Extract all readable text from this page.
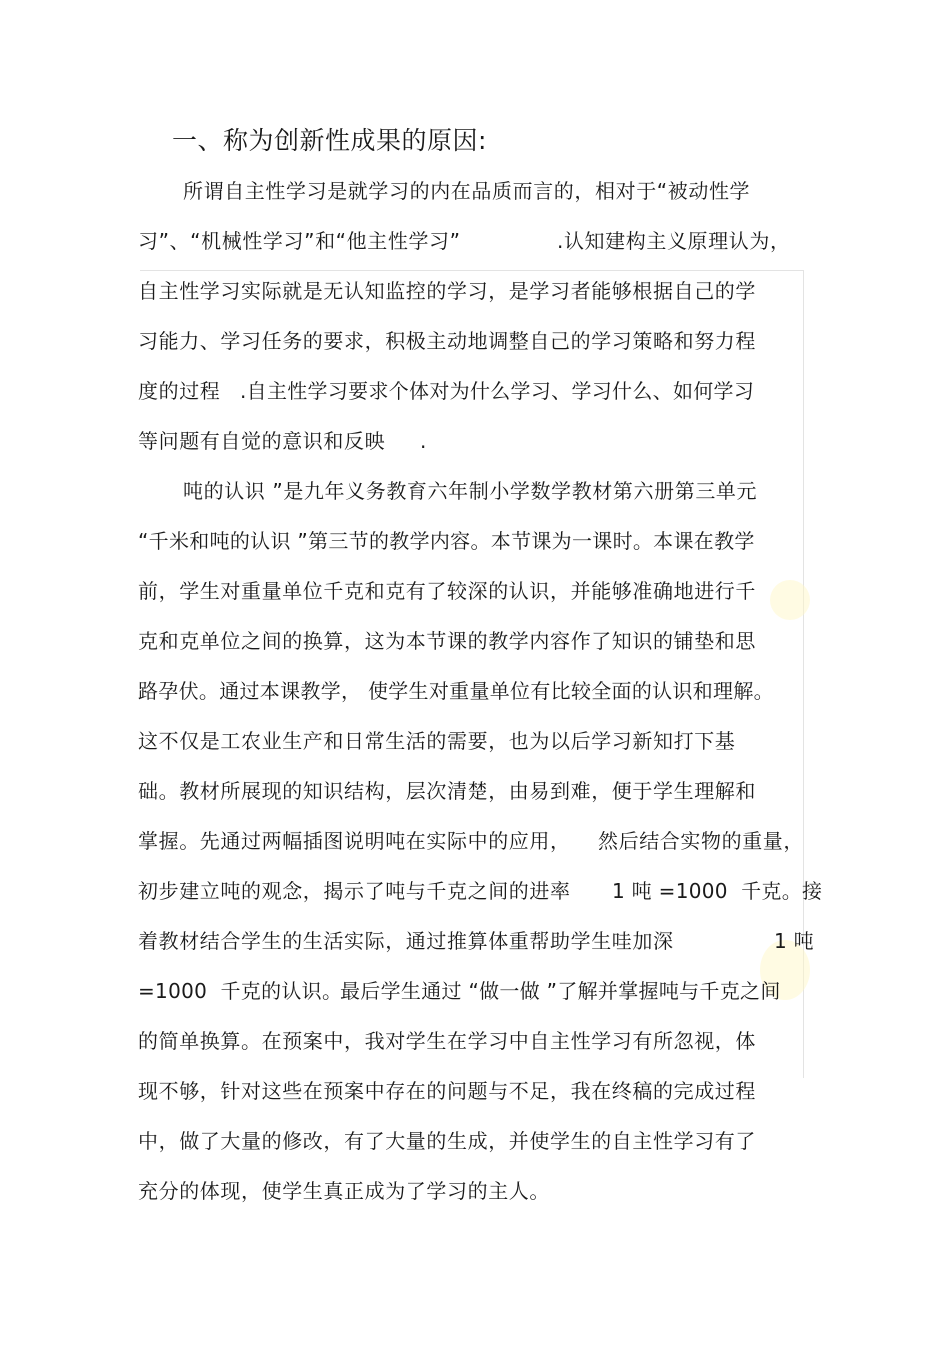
一、称为创新性成果的原因:
所谓自主性学习是就学习的内在品质而言的，相对于“被动性学
习”、“机械性学习”和“他主性学习”	.认知建构主义原理认为，
自主性学习实际就是无认知监控的学习，是学习者能够根据自己的学
习能力、学习任务的要求，积极主动地调整自己的学习策略和努力程
度的过程 .自主性学习要求个体对为什么学习、学习什么、如何学习
等问题有自觉的意识和反映 .
吨的认识 ”是九年义务教育六年制小学数学教材第六册第三单元
“千米和吨的认识 ”第三节的教学内容。本节课为一课时。本课在教学
前，学生对重量单位千克和克有了较深的认识，并能够准确地进行千
克和克单位之间的换算，这为本节课的教学内容作了知识的铺垫和思
路孕伏。通过本课教学， 使学生对重量单位有比较全面的认识和理解。
这不仅是工农业生产和日常生活的需要，也为以后学习新知打下基
础。教材所展现的知识结构，层次清楚，由易到难，便于学生理解和
掌握。先通过两幅插图说明吨在实际中的应用， 然后结合实物的重量，
初步建立吨的观念，揭示了吨与千克之间的进率 1 吨 =1000  千克。接
着教材结合学生的生活实际，通过推算体重帮助学生哇加深	1 吨
=1000  千克的认识。
最后学生通过 “做一做 ”了解并掌握吨与千克之间
的简单换算。在预案中，我对学生在学习中自主性学习有所忽视，体
现不够，针对这些在预案中存在的问题与不足，我在终稿的完成过程
中，做了大量的修改，有了大量的生成，并使学生的自主性学习有了
充分的体现，使学生真正成为了学习的主人。
